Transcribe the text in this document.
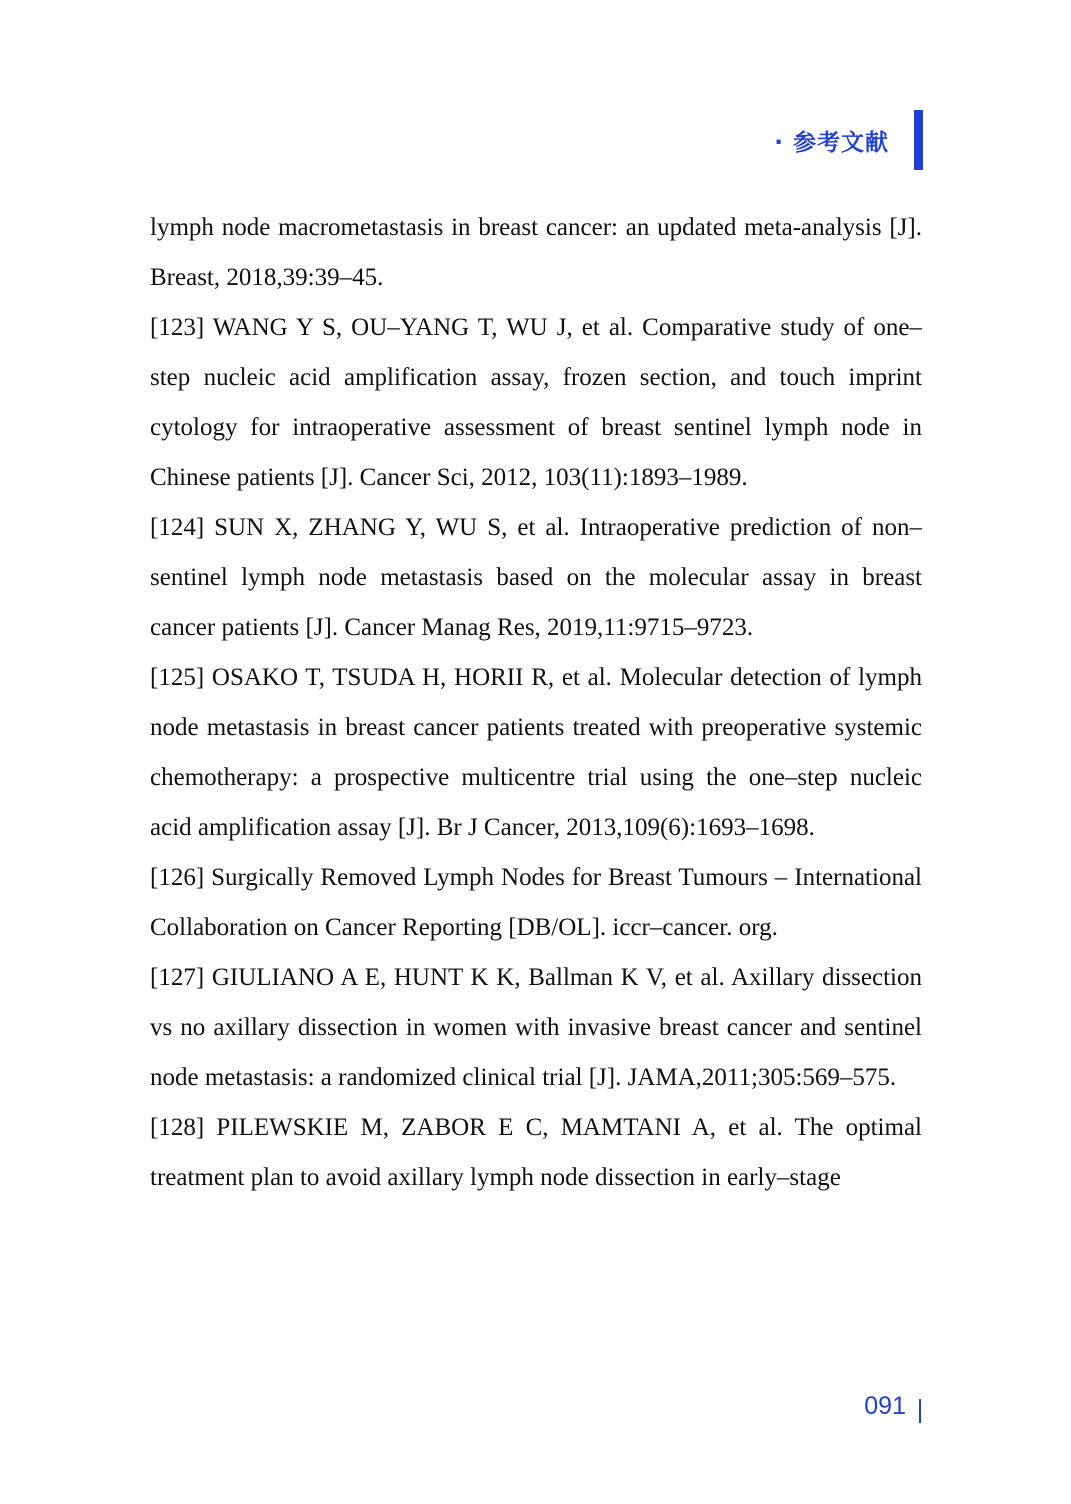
· 参考文献

lymph node macrometastasis in breast cancer: an updated meta-analysis [J]. Breast, 2018,39:39–45.

[123] WANG Y S, OU–YANG T, WU J, et al. Comparative study of one–step nucleic acid amplification assay, frozen section, and touch imprint cytology for intraoperative assessment of breast sentinel lymph node in Chinese patients [J]. Cancer Sci, 2012, 103(11):1893–1989.

[124] SUN X, ZHANG Y, WU S, et al. Intraoperative prediction of non– sentinel lymph node metastasis based on the molecular assay in breast cancer patients [J]. Cancer Manag Res, 2019,11:9715–9723.

[125] OSAKO T, TSUDA H, HORII R, et al. Molecular detection of lymph node metastasis in breast cancer patients treated with preoperative systemic chemotherapy: a prospective multicentre trial using the one–step nucleic acid amplification assay [J]. Br J Cancer, 2013,109(6):1693–1698.

[126] Surgically Removed Lymph Nodes for Breast Tumours – International Collaboration on Cancer Reporting [DB/OL]. iccr–cancer. org.

[127] GIULIANO A E, HUNT K K, Ballman K V, et al. Axillary dissection vs no axillary dissection in women with invasive breast cancer and sentinel node metastasis: a randomized clinical trial [J]. JAMA,2011;305:569–575.

[128] PILEWSKIE M, ZABOR E C, MAMTANI A, et al. The optimal treatment plan to avoid axillary lymph node dissection in early–stage

091
